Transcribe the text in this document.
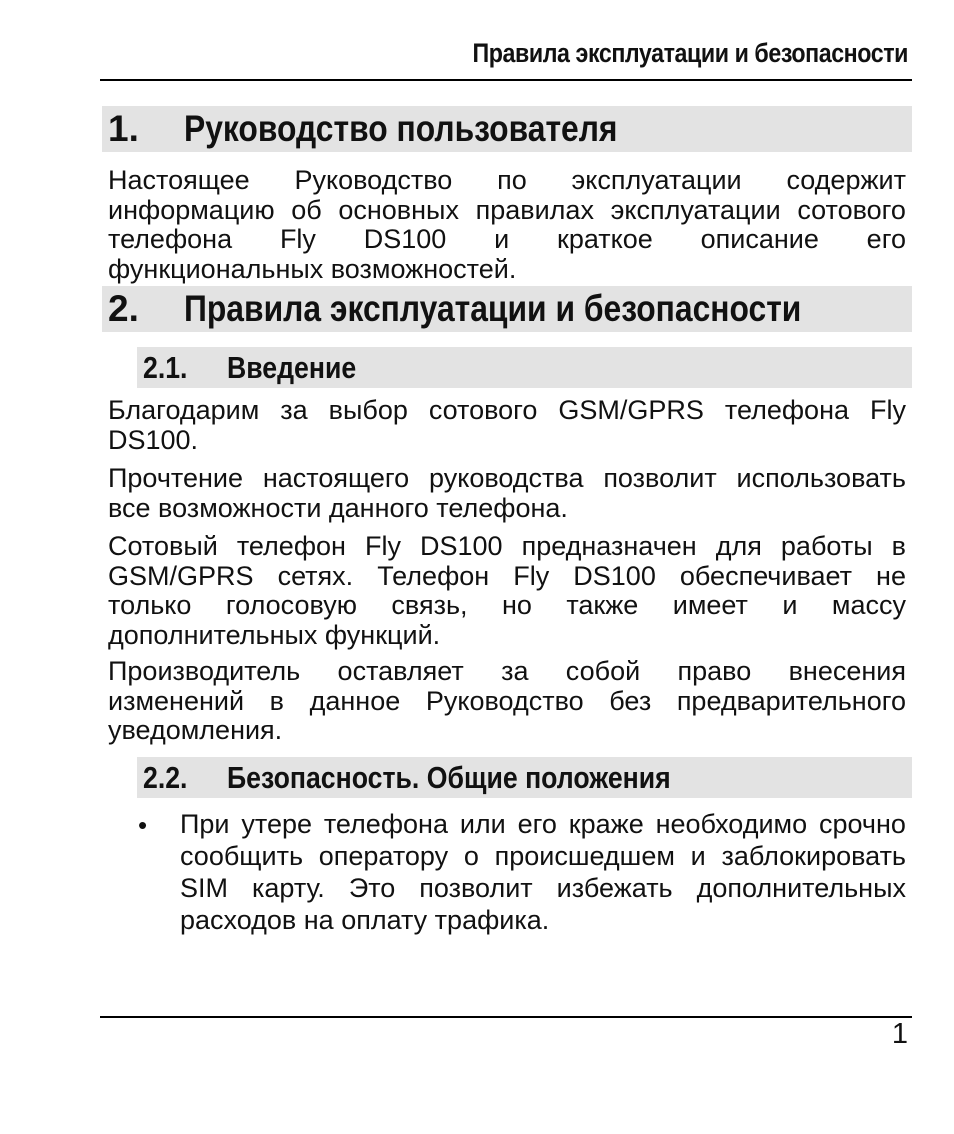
Правила эксплуатации и безопасности
1. Руководство пользователя
Настоящее Руководство по эксплуатации содержит
информацию об основных правилах эксплуатации сотового
телефона Fly DS100 и краткое описание его
функциональных возможностей.
2. Правила эксплуатации и безопасности
2.1. Введение
Благодарим за выбор сотового GSM/GPRS телефона Fly
DS100.
Прочтение настоящего руководства позволит использовать
все возможности данного телефона.
Сотовый телефон Fly DS100 предназначен для работы в
GSM/GPRS сетях. Телефон Fly DS100 обеспечивает не
только голосовую связь, но также имеет и массу
дополнительных функций.
Производитель оставляет за собой право внесения
изменений в данное Руководство без предварительного
уведомления.
2.2. Безопасность. Общие положения
• При утере телефона или его краже необходимо срочно
сообщить оператору о происшедшем и заблокировать
SIM карту. Это позволит избежать дополнительных
расходов на оплату трафика.
1
